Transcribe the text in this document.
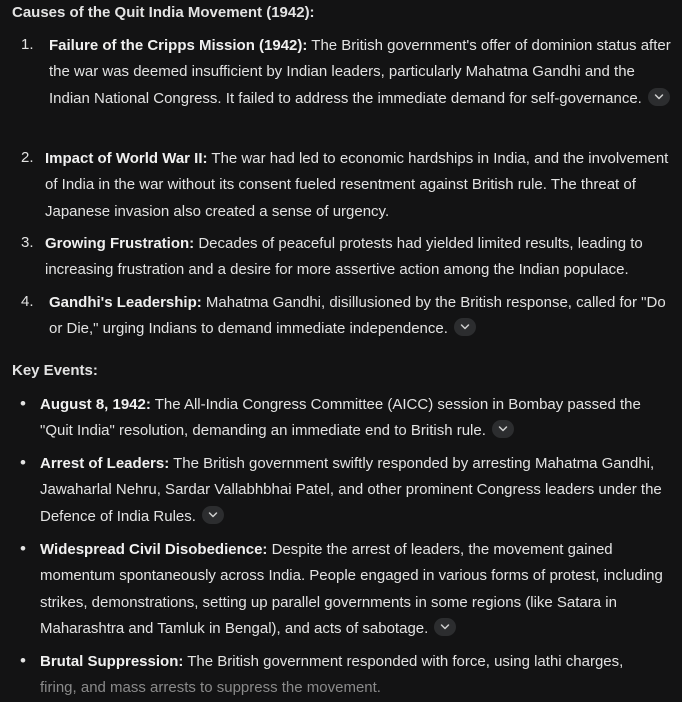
Causes of the Quit India Movement (1942):
1. Failure of the Cripps Mission (1942): The British government's offer of dominion status after the war was deemed insufficient by Indian leaders, particularly Mahatma Gandhi and the Indian National Congress. It failed to address the immediate demand for self-governance.
2. Impact of World War II: The war had led to economic hardships in India, and the involvement of India in the war without its consent fueled resentment against British rule. The threat of Japanese invasion also created a sense of urgency.
3. Growing Frustration: Decades of peaceful protests had yielded limited results, leading to increasing frustration and a desire for more assertive action among the Indian populace.
4. Gandhi's Leadership: Mahatma Gandhi, disillusioned by the British response, called for "Do or Die," urging Indians to demand immediate independence.
Key Events:
• August 8, 1942: The All-India Congress Committee (AICC) session in Bombay passed the "Quit India" resolution, demanding an immediate end to British rule.
• Arrest of Leaders: The British government swiftly responded by arresting Mahatma Gandhi, Jawaharlal Nehru, Sardar Vallabhbhai Patel, and other prominent Congress leaders under the Defence of India Rules.
• Widespread Civil Disobedience: Despite the arrest of leaders, the movement gained momentum spontaneously across India. People engaged in various forms of protest, including strikes, demonstrations, setting up parallel governments in some regions (like Satara in Maharashtra and Tamluk in Bengal), and acts of sabotage.
• Brutal Suppression: The British government responded with force, using lathi charges,
firing, and mass arrests to suppress the movement.
